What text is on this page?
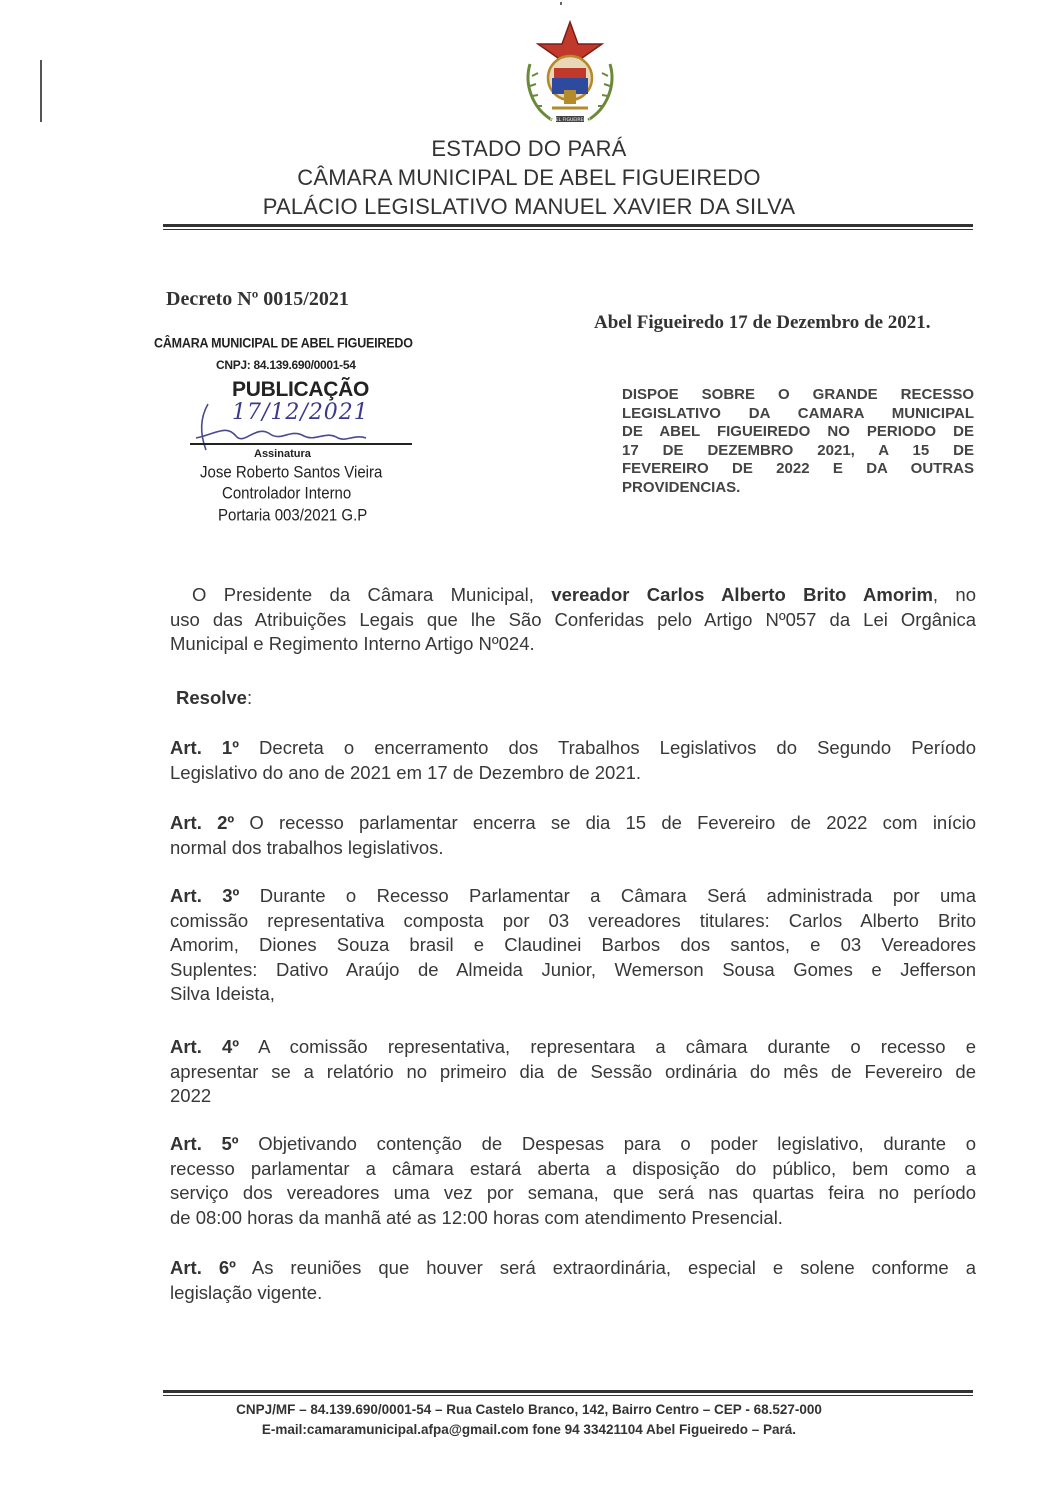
ABEL FIGUEIREDO
ESTADO DO PARÁ
CÂMARA MUNICIPAL DE ABEL FIGUEIREDO
PALÁCIO LEGISLATIVO MANUEL XAVIER DA SILVA
Decreto Nº 0015/2021
Abel Figueiredo 17 de Dezembro de 2021.
DISPOE SOBRE O GRANDE RECESSO
LEGISLATIVO DA CAMARA MUNICIPAL
DE ABEL FIGUEIREDO NO PERIODO DE
17 DE DEZEMBRO 2021, A 15 DE
FEVEREIRO DE 2022 E DA OUTRAS
PROVIDENCIAS.
CÂMARA MUNICIPAL DE ABEL FIGUEIREDO
CNPJ: 84.139.690/0001-54
PUBLICAÇÃO
17/12/2021
Assinatura
Jose Roberto Santos Vieira
Controlador Interno
Portaria 003/2021 G.P
O Presidente da Câmara Municipal, vereador Carlos Alberto Brito Amorim, no
uso das Atribuições Legais que lhe São Conferidas pelo Artigo Nº057 da Lei Orgânica
Municipal e Regimento Interno Artigo Nº024.
Resolve:
Art. 1º Decreta o encerramento dos Trabalhos Legislativos do Segundo Período
Legislativo do ano de 2021 em 17 de Dezembro de 2021.
Art. 2º O recesso parlamentar encerra se dia 15 de Fevereiro de 2022 com início
normal dos trabalhos legislativos.
Art. 3º Durante o Recesso Parlamentar a Câmara Será administrada por uma
comissão representativa composta por 03 vereadores titulares: Carlos Alberto Brito
Amorim, Diones Souza brasil e Claudinei Barbos dos santos, e 03 Vereadores
Suplentes: Dativo Araújo de Almeida Junior, Wemerson Sousa Gomes e Jefferson
Silva Ideista,
Art. 4º A comissão representativa, representara a câmara durante o recesso e
apresentar se a relatório no primeiro dia de Sessão ordinária do mês de Fevereiro de
2022
Art. 5º Objetivando contenção de Despesas para o poder legislativo, durante o
recesso parlamentar a câmara estará aberta a disposição do público, bem como a
serviço dos vereadores uma vez por semana, que será nas quartas feira no período
de 08:00 horas da manhã até as 12:00 horas com atendimento Presencial.
Art. 6º As reuniões que houver será extraordinária, especial e solene conforme a
legislação vigente.
CNPJ/MF – 84.139.690/0001-54 – Rua Castelo Branco, 142, Bairro Centro – CEP - 68.527-000
E-mail:camaramunicipal.afpa@gmail.com fone 94 33421104 Abel Figueiredo – Pará.
